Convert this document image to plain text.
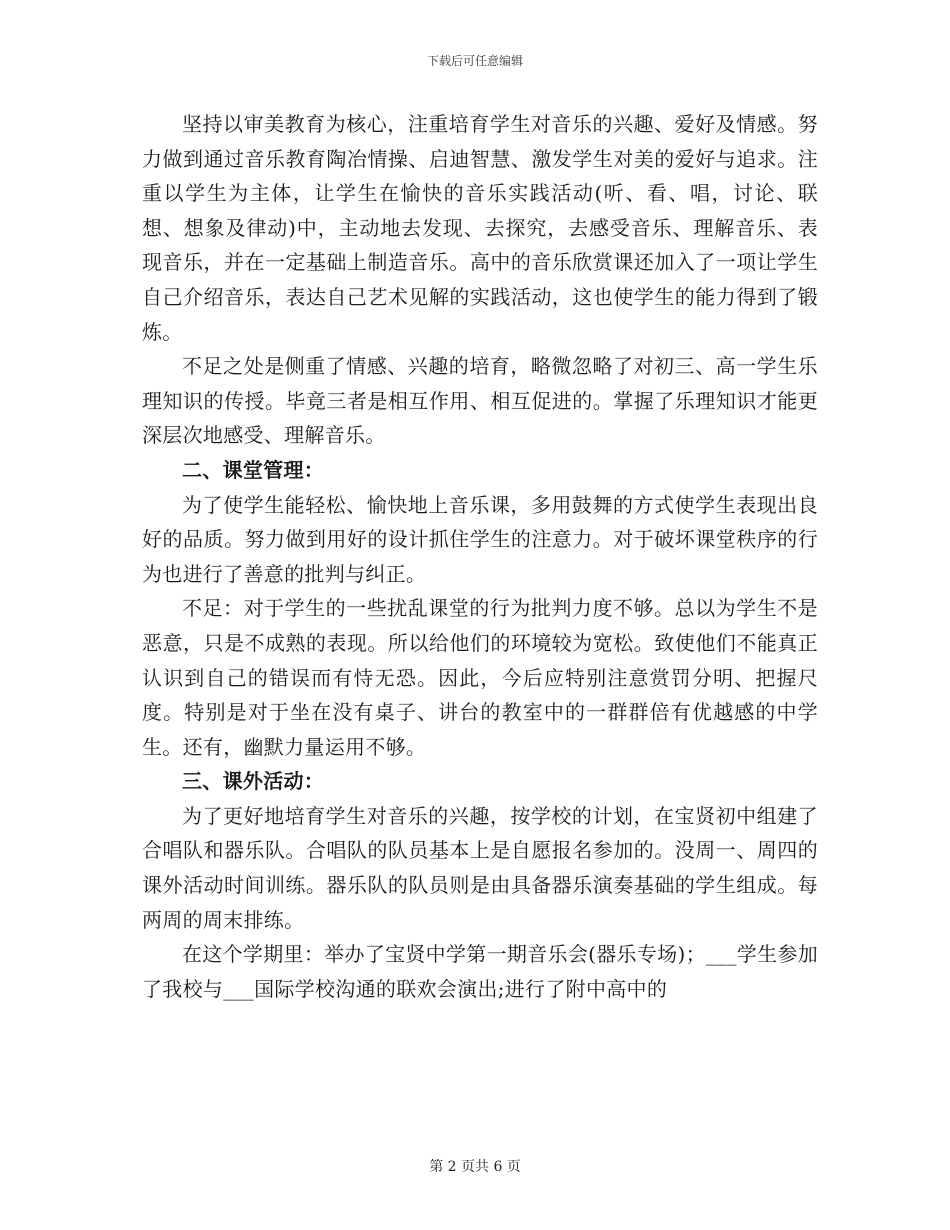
下载后可任意编辑

坚持以审美教育为核心，注重培育学生对音乐的兴趣、爱好及情感。努力做到通过音乐教育陶冶情操、启迪智慧、激发学生对美的爱好与追求。注重以学生为主体，让学生在愉快的音乐实践活动(听、看、唱，讨论、联想、想象及律动)中，主动地去发现、去探究，去感受音乐、理解音乐、表现音乐，并在一定基础上制造音乐。高中的音乐欣赏课还加入了一项让学生自己介绍音乐，表达自己艺术见解的实践活动，这也使学生的能力得到了锻炼。

不足之处是侧重了情感、兴趣的培育，略微忽略了对初三、高一学生乐理知识的传授。毕竟三者是相互作用、相互促进的。掌握了乐理知识才能更深层次地感受、理解音乐。

二、课堂管理：

为了使学生能轻松、愉快地上音乐课，多用鼓舞的方式使学生表现出良好的品质。努力做到用好的设计抓住学生的注意力。对于破坏课堂秩序的行为也进行了善意的批判与纠正。

不足：对于学生的一些扰乱课堂的行为批判力度不够。总以为学生不是恶意，只是不成熟的表现。所以给他们的环境较为宽松。致使他们不能真正认识到自己的错误而有恃无恐。因此，今后应特别注意赏罚分明、把握尺度。特别是对于坐在没有桌子、讲台的教室中的一群群倍有优越感的中学生。还有，幽默力量运用不够。

三、课外活动：

为了更好地培育学生对音乐的兴趣，按学校的计划，在宝贤初中组建了合唱队和器乐队。合唱队的队员基本上是自愿报名参加的。没周一、周四的课外活动时间训练。器乐队的队员则是由具备器乐演奏基础的学生组成。每两周的周末排练。

在这个学期里：举办了宝贤中学第一期音乐会(器乐专场)；___学生参加了我校与___国际学校沟通的联欢会演出;进行了附中高中的

第 2 页共 6 页
